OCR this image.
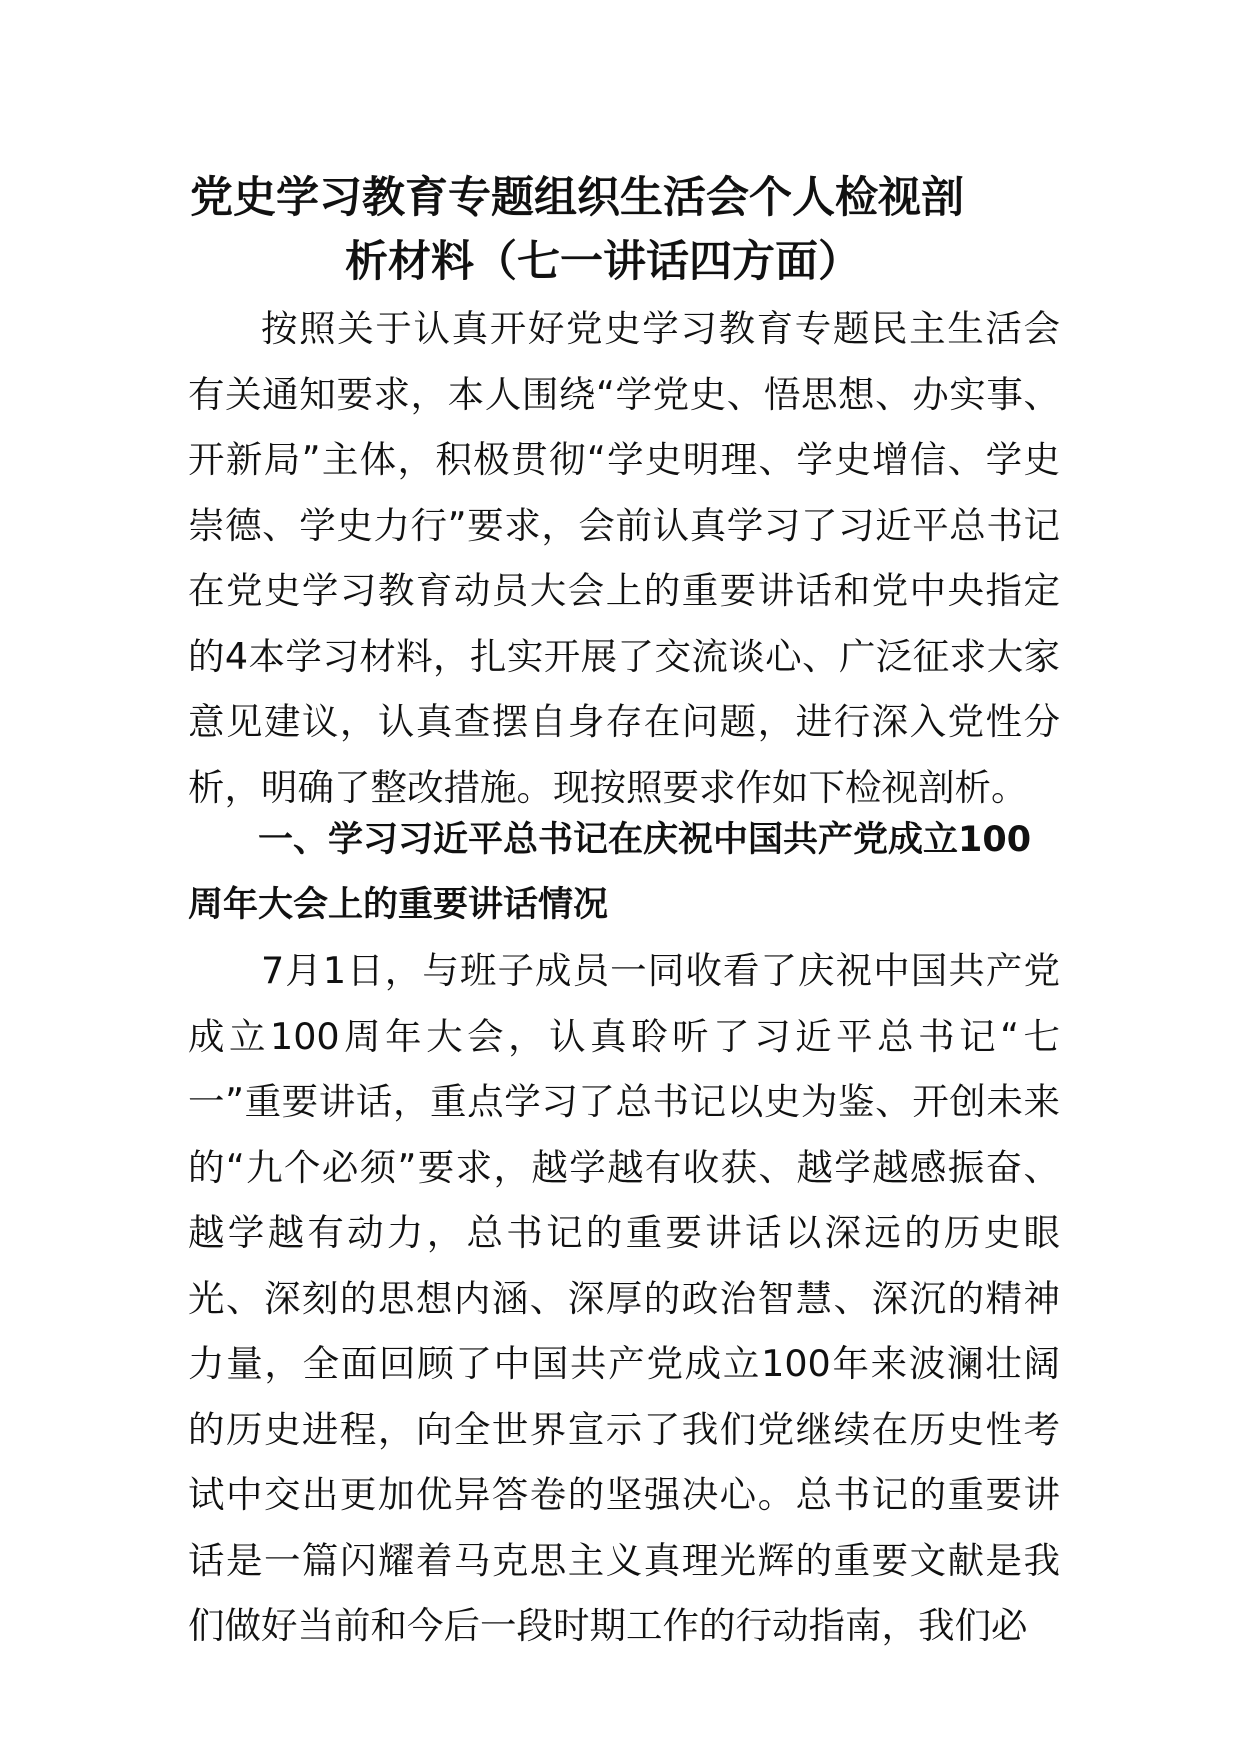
党史学习教育专题组织生活会个人检视剖

析材料（七一讲话四方面）

按照关于认真开好党史学习教育专题民主生活会有关通知要求，本人围绕“学党史、悟思想、办实事、开新局”主体，积极贯彻“学史明理、学史增信、学史崇德、学史力行”要求，会前认真学习了习近平总书记在党史学习教育动员大会上的重要讲话和党中央指定的4本学习材料，扎实开展了交流谈心、广泛征求大家意见建议，认真查摆自身存在问题，进行深入党性分析，明确了整改措施。现按照要求作如下检视剖析。

一、学习习近平总书记在庆祝中国共产党成立100周年大会上的重要讲话情况

7月1日，与班子成员一同收看了庆祝中国共产党成立100周年大会，认真聆听了习近平总书记“七一”重要讲话，重点学习了总书记以史为鉴、开创未来的“九个必须”要求，越学越有收获、越学越感振奋、越学越有动力，总书记的重要讲话以深远的历史眼光、深刻的思想内涵、深厚的政治智慧、深沉的精神力量，全面回顾了中国共产党成立100年来波澜壮阔的历史进程，向全世界宣示了我们党继续在历史性考试中交出更加优异答卷的坚强决心。总书记的重要讲话是一篇闪耀着马克思主义真理光辉的重要文献是我们做好当前和今后一段时期工作的行动指南，我们必
